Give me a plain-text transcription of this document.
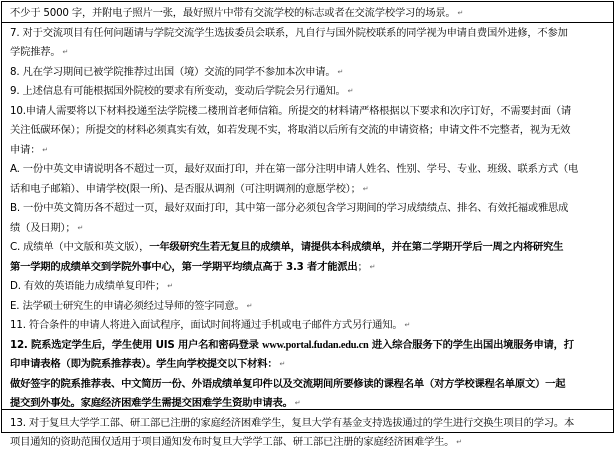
不少于 5000 字，并附电子照片一张，最好照片中带有交流学校的标志或者在交流学校学习的场景。↵
7. 对于交流项目有任何问题请与学院交流学生选拔委员会联系，凡自行与国外院校联系的同学视为申请自费国外进修，不参加
学院推荐。↵
8. 凡在学习期间已被学院推荐过出国（境）交流的同学不参加本次申请。↵
9. 上述信息有可能根据国外院校的要求有所变动，变动后学院会另行通知。↵
10.申请人需要将以下材料投递至法学院楼二楼刑首老师信箱。所提交的材料请严格根据以下要求和次序订好，不需要封面（请
关注低碳环保）；所提交的材料必须真实有效，如若发现不实，将取消以后所有交流的申请资格；申请文件不完整者，视为无效
申请：↵
A. 一份中英文申请说明各不超过一页，最好双面打印，并在第一部分注明申请人姓名、性别、学号、专业、班级、联系方式（电
话和电子邮箱）、申请学校(限一所)、是否服从调剂（可注明调剂的意愿学校）；↵
B. 一份中英文简历各不超过一页，最好双面打印，其中第一部分必须包含学习期间的学习成绩绩点、排名、有效托福或雅思成
绩（及日期）；↵
C. 成绩单（中文版和英文版），一年级研究生若无复旦的成绩单，请提供本科成绩单，并在第二学期开学后一周之内将研究生
第一学期的成绩单交到学院外事中心，第一学期平均绩点高于 3.3 者才能派出；↵
D. 有效的英语能力成绩单复印件；↵
E. 法学硕士研究生的申请必须经过导师的签字同意。↵
11. 符合条件的申请人将进入面试程序，面试时间将通过手机或电子邮件方式另行通知。↵
12. 院系选定学生后，学生使用 UIS 用户名和密码登录 www.portal.fudan.edu.cn 进入综合服务下的学生出国出境服务申请，打
印申请表格（即为院系推荐表）。学生向学校提交以下材料：↵
做好签字的院系推荐表、中文简历一份、外语成绩单复印件以及交流期间所要修读的课程名单（对方学校课程名单原文）一起
提交到外事处。家庭经济困难学生需提交困难学生资助申请表。↵
13. 对于复旦大学学工部、研工部已注册的家庭经济困难学生，复旦大学有基金支持选拔通过的学生进行交换生项目的学习。本
项目通知的资助范围仅适用于项目通知发布时复旦大学学工部、研工部已注册的家庭经济困难学生。↵
